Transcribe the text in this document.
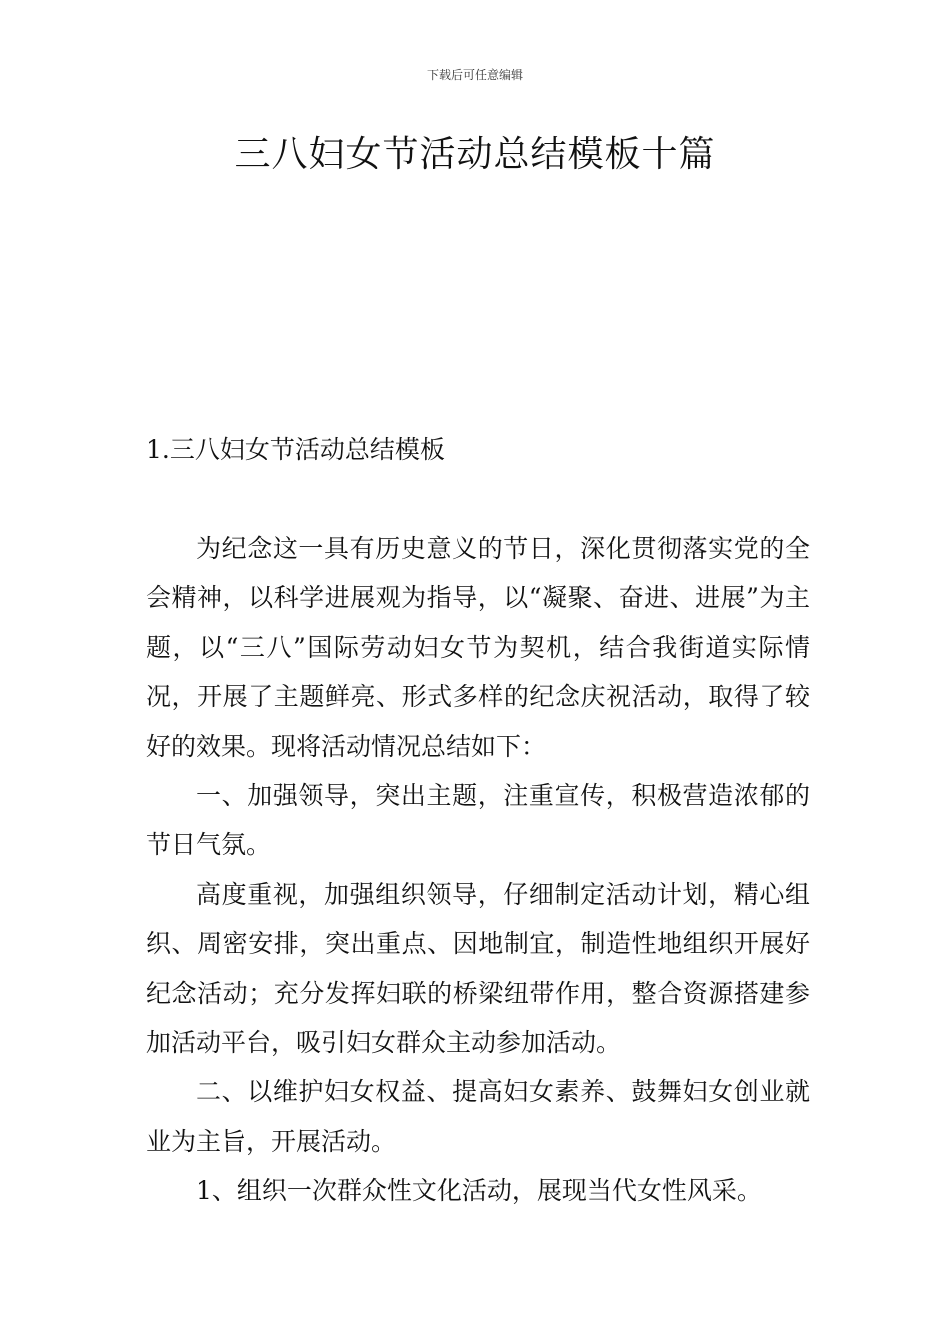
下载后可任意编辑
三八妇女节活动总结模板十篇
1.三八妇女节活动总结模板

为纪念这一具有历史意义的节日，深化贯彻落实党的全会精神，以科学进展观为指导，以“凝聚、奋进、进展”为主题，以“三八”国际劳动妇女节为契机，结合我街道实际情况，开展了主题鲜亮、形式多样的纪念庆祝活动，取得了较好的效果。现将活动情况总结如下：

一、加强领导，突出主题，注重宣传，积极营造浓郁的节日气氛。

高度重视，加强组织领导，仔细制定活动计划，精心组织、周密安排，突出重点、因地制宜，制造性地组织开展好纪念活动；充分发挥妇联的桥梁纽带作用，整合资源搭建参加活动平台，吸引妇女群众主动参加活动。

二、以维护妇女权益、提高妇女素养、鼓舞妇女创业就业为主旨，开展活动。

1、组织一次群众性文化活动，展现当代女性风采。
